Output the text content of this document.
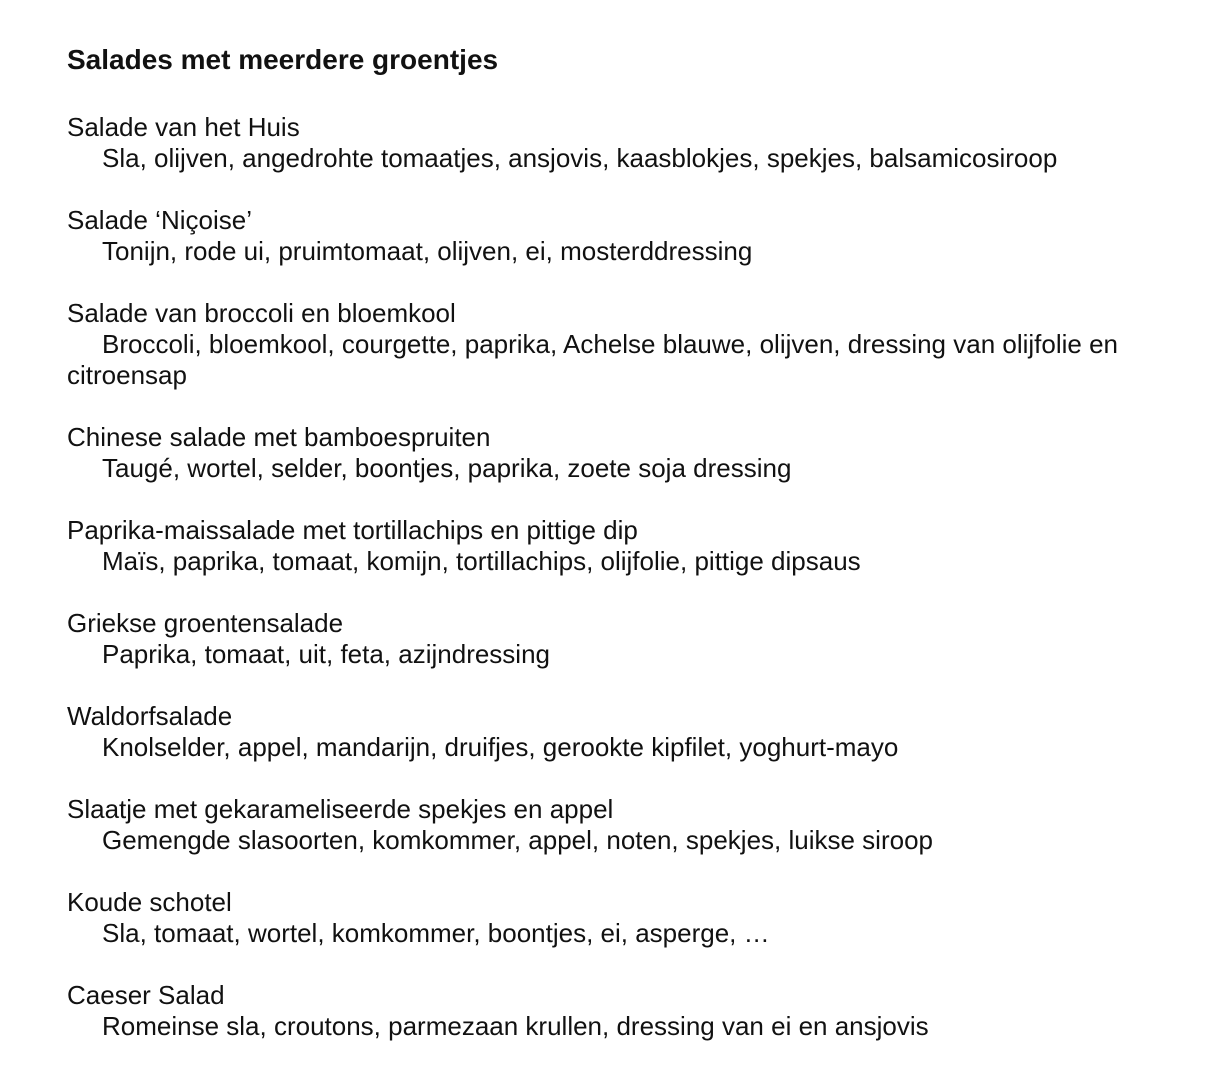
Salades met meerdere groentjes

Salade van het Huis

Sla, olijven, angedrohte tomaatjes, ansjovis, kaasblokjes, spekjes, balsamicosiroop

Salade ‘Niçoise’

Tonijn, rode ui, pruimtomaat, olijven, ei, mosterddressing

Salade van broccoli en bloemkool

Broccoli, bloemkool, courgette, paprika, Achelse blauwe, olijven, dressing van olijfolie en citroensap

Chinese salade met bamboespruiten

Taugé, wortel, selder, boontjes, paprika, zoete soja dressing

Paprika-maissalade met tortillachips en pittige dip

Maïs, paprika, tomaat, komijn, tortillachips, olijfolie, pittige dipsaus

Griekse groentensalade

Paprika, tomaat, uit, feta, azijndressing

Waldorfsalade

Knolselder, appel, mandarijn, druifjes, gerookte kipfilet, yoghurt-mayo

Slaatje met gekarameliseerde spekjes en appel

Gemengde slasoorten, komkommer, appel, noten, spekjes, luikse siroop

Koude schotel

Sla, tomaat, wortel, komkommer, boontjes, ei, asperge, …

Caeser Salad

Romeinse sla, croutons, parmezaan krullen, dressing van ei en ansjovis
